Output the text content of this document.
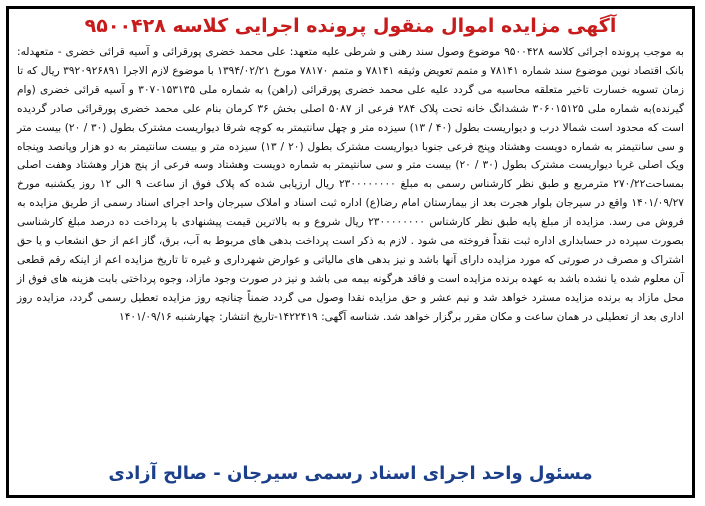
آگهی مزایده اموال منقول پرونده اجرایی کلاسه ۹۵۰۰۴۲۸

به موجب پرونده اجرائی کلاسه ۹۵۰۰۴۲۸ موضوع وصول سند رهنی و شرطی علیه متعهد: علی محمد خضری پورقرائی و آسیه قرائی خضری - متعهدله: بانک اقتصاد نوین موضوع سند شماره ۷۸۱۴۱ و متمم تعویض وثیقه ۷۸۱۴۱ و متمم ۷۸۱۷۰ مورخ ۱۳۹۴/۰۲/۲۱ با موضوع لازم الاجرا ۳۹۲۰۹۲۶۸۹۱ ریال که تا زمان تسویه خسارت تاخیر متعلقه محاسبه می گردد علیه علی محمد خضری پورقرائی (راهن) به شماره ملی ۳۰۷۰۱۵۳۱۳۵ و آسیه قرائی خضری (وام گیرنده)به شماره ملی ۳۰۶۰۱۵۱۲۵ ششدانگ خانه تحت پلاک ۲۸۴ فرعی از ۵۰۸۷ اصلی بخش ۳۶ کرمان بنام علی محمد خضری پورقرائی صادر گردیده است که محدود است شمالا درب و دیواریست بطول (۴۰ / ۱۳) سیزده متر و چهل سانتیمتر به کوچه شرقا دیواریست مشترک بطول (۳۰ / ۲۰) بیست متر و سی سانتیمتر به شماره دویست وهشتاد وپنج فرعی جنوبا دیواریست مشترک بطول (۲۰ / ۱۳) سیزده متر و بیست سانتیمتر به دو هزار وپانصد وپنجاه ویک اصلی غربا دیواریست مشترک بطول (۳۰ / ۲۰) بیست متر و سی سانتیمتر به شماره دویست وهشتاد وسه فرعی از پنج هزار وهشتاد وهفت اصلی بمساحت۲۷۰/۲۲ مترمربع و طبق نظر کارشناس رسمی به مبلغ ۲۳۰۰۰۰۰۰۰۰ ریال ارزیابی شده که پلاک فوق از ساعت ۹ الی ۱۲ روز یکشنبه مورخ ۱۴۰۱/۰۹/۲۷ واقع در سیرجان بلوار هجرت بعد از بیمارستان امام رضا(ع) اداره ثبت اسناد و املاک سیرجان واحد اجرای اسناد رسمی از طریق مزایده به فروش می رسد. مزایده از مبلغ پایه طبق نظر کارشناس ۲۳۰۰۰۰۰۰۰۰ ریال شروع و به بالاترین قیمت پیشنهادی با پرداخت ده درصد مبلغ کارشناسی بصورت سپرده در حسابداری اداره ثبت نقداً فروخته می شود . لازم به ذکر است پرداخت بدهی های مربوط به آب، برق، گاز اعم از حق انشعاب و یا حق اشتراک و مصرف در صورتی که مورد مزایده دارای آنها باشد و نیز بدهی های مالیاتی و عوارض شهرداری و غیره تا تاریخ مزایده اعم از اینکه رقم قطعی آن معلوم شده یا نشده باشد به عهده برنده مزایده است و فاقد هرگونه بیمه می باشد و نیز در صورت وجود مازاد، وجوه پرداختی بابت هزینه های فوق از محل مازاد به برنده مزایده مسترد خواهد شد و نیم عشر و حق مزایده نقدا وصول می گردد ضمناً چنانچه روز مزایده تعطیل رسمی گردد، مزایده روز اداری بعد از تعطیلی در همان ساعت و مکان مقرر برگزار خواهد شد. شناسه آگهی: ۱۴۲۲۴۱۹-تاریخ انتشار: چهارشنبه ۱۴۰۱/۰۹/۱۶

مسئول واحد اجرای اسناد رسمی سیرجان - صالح آزادی
